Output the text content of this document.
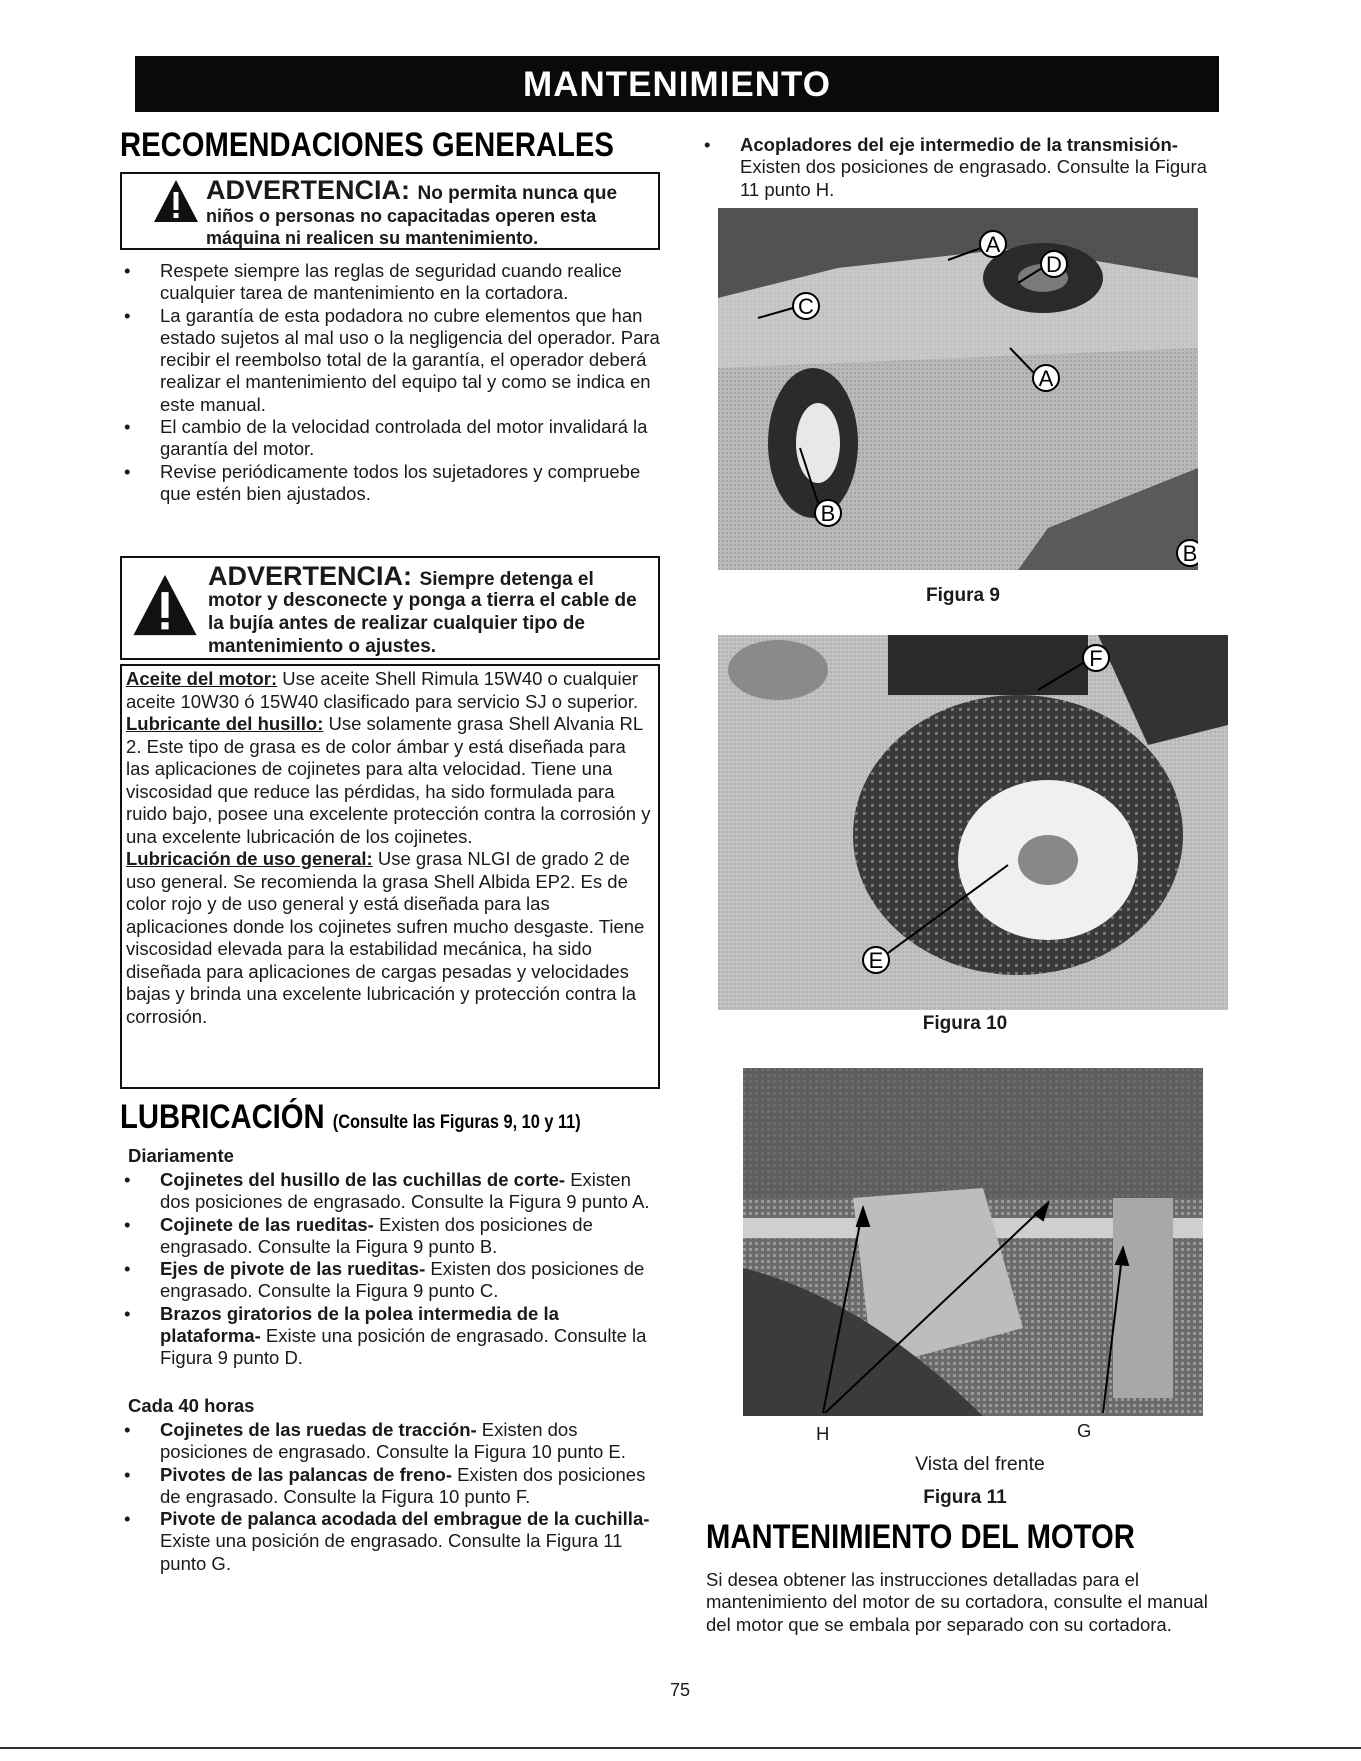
MANTENIMIENTO
RECOMENDACIONES GENERALES
ADVERTENCIA: No permita nunca que
niños o personas no capacitadas operen esta máquina ni realicen su mantenimiento.
• Respete siempre las reglas de seguridad cuando realice cualquier tarea de mantenimiento en la cortadora.
• La garantía de esta podadora no cubre elementos que han estado sujetos al mal uso o la negligencia del operador. Para recibir el reembolso total de la garantía, el operador deberá realizar el mantenimiento del equipo tal y como se indica en este manual.
• El cambio de la velocidad controlada del motor invalidará la garantía del motor.
• Revise periódicamente todos los sujetadores y compruebe que estén bien ajustados.
ADVERTENCIA: Siempre detenga el
motor y desconecte y ponga a tierra el cable de la bujía antes de realizar cualquier tipo de mantenimiento o ajustes.
Aceite del motor: Use aceite Shell Rimula 15W40 o cualquier aceite 10W30 ó 15W40 clasificado para servicio SJ o superior.
Lubricante del husillo: Use solamente grasa Shell Alvania RL 2. Este tipo de grasa es de color ámbar y está diseñada para las aplicaciones de cojinetes para alta velocidad. Tiene una viscosidad que reduce las pérdidas, ha sido formulada para ruido bajo, posee una excelente protección contra la corrosión y una excelente lubricación de los cojinetes.
Lubricación de uso general: Use grasa NLGI de grado 2 de uso general. Se recomienda la grasa Shell Albida EP2. Es de color rojo y de uso general y está diseñada para las aplicaciones donde los cojinetes sufren mucho desgaste. Tiene viscosidad elevada para la estabilidad mecánica, ha sido diseñada para aplicaciones de cargas pesadas y velocidades bajas y brinda una excelente lubricación y protección contra la corrosión.
LUBRICACIÓN (Consulte las Figuras 9, 10 y 11)
Diariamente
• Cojinetes del husillo de las cuchillas de corte- Existen dos posiciones de engrasado. Consulte la Figura 9 punto A.
• Cojinete de las rueditas- Existen dos posiciones de engrasado. Consulte la Figura 9 punto B.
• Ejes de pivote de las rueditas- Existen dos posiciones de engrasado. Consulte la Figura 9 punto C.
• Brazos giratorios de la polea intermedia de la plataforma- Existe una posición de engrasado. Consulte la Figura 9 punto D.
Cada 40 horas
• Cojinetes de las ruedas de tracción- Existen dos posiciones de engrasado. Consulte la Figura 10 punto E.
• Pivotes de las palancas de freno- Existen dos posiciones de engrasado. Consulte la Figura 10 punto F.
• Pivote de palanca acodada del embrague de la cuchilla- Existe una posición de engrasado. Consulte la Figura 11 punto G.
• Acopladores del eje intermedio de la transmisión- Existen dos posiciones de engrasado. Consulte la Figura 11 punto H.
A
D
C
A
B
B
Figura 9
F
E
Figura 10
H	G
Vista del frente
Figura 11
MANTENIMIENTO DEL MOTOR
Si desea obtener las instrucciones detalladas para el mantenimiento del motor de su cortadora, consulte el manual del motor que se embala por separado con su cortadora.
75
